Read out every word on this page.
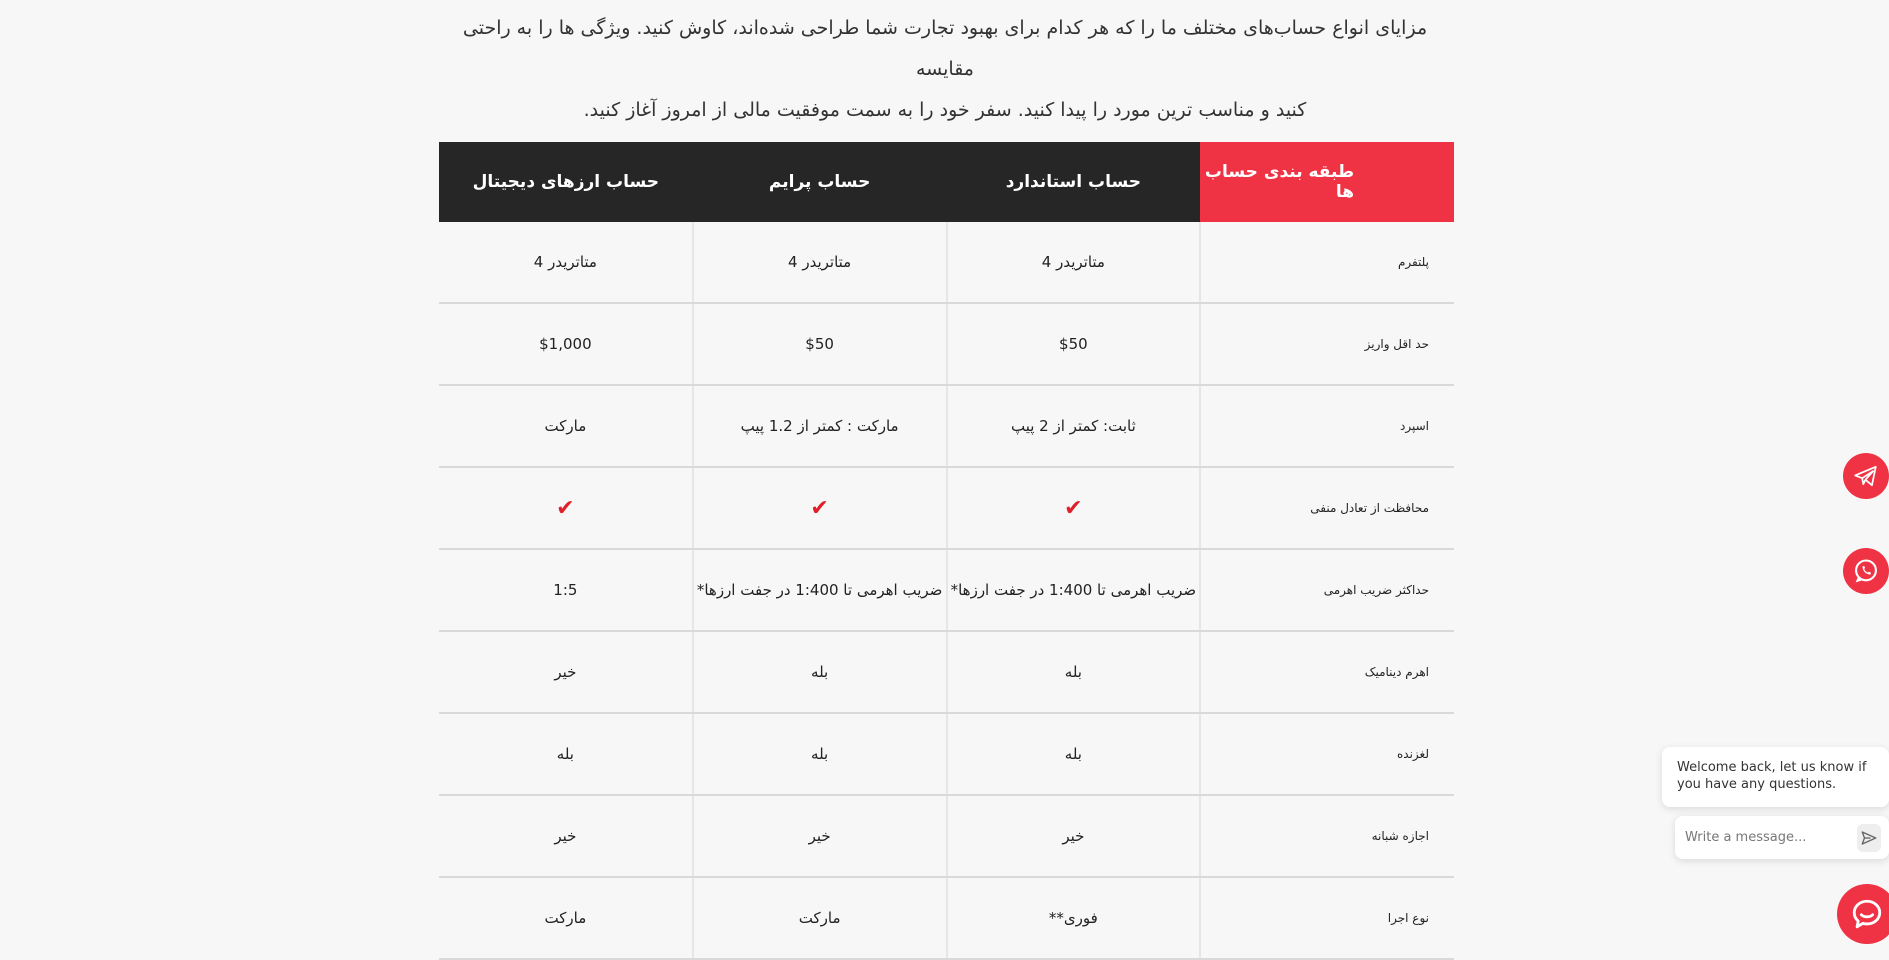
مزایای انواع حساب‌های مختلف ما را که هر کدام برای بهبود تجارت شما طراحی شده‌اند، کاوش کنید. ویژگی ها را به راحتی مقایسه
کنید و مناسب ترین مورد را پیدا کنید. سفر خود را به سمت موفقیت مالی از امروز آغاز کنید.
طبقه بندی حساب ها	حساب استاندارد	حساب پرایم	حساب ارزهای دیجیتال
پلتفرم	متاتریدر 4	متاتریدر 4	متاتریدر 4
حد اقل واریز	$50	$50	$1,000
اسپرد	ثابت: کمتر از 2 پیپ	مارکت : کمتر از 1.2 پیپ	مارکت
محافظت از تعادل منفی	✔	✔	✔
حداکثر ضریب اهرمی	ضریب اهرمی تا 1:400 در جفت ارزها*	ضریب اهرمی تا 1:400 در جفت ارزها*	1:5
اهرم دینامیک	بله	بله	خیر
لغزنده	بله	بله	بله
اجازه شبانه	خیر	خیر	خیر
نوع اجرا	فوری**	مارکت	مارکت
Welcome back, let us know if you have any questions.
Write a message...
